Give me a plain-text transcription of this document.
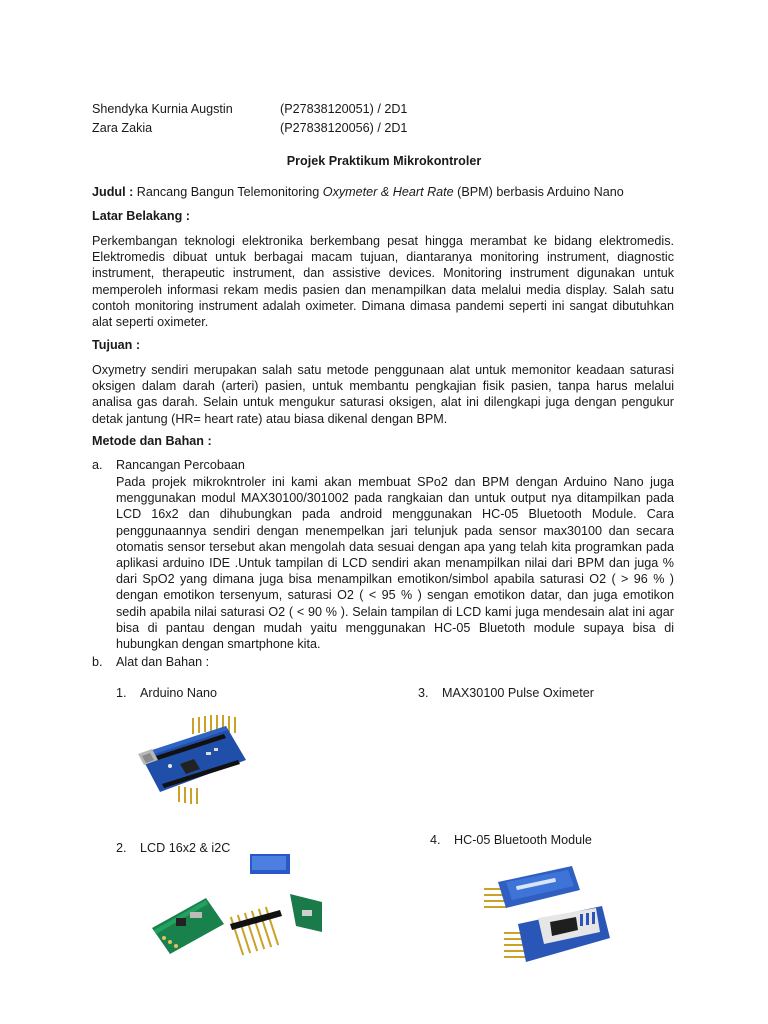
Shendyka Kurnia Augstin	(P27838120051) / 2D1
Zara Zakia	(P27838120056) / 2D1
Projek Praktikum Mikrokontroler
Judul : Rancang Bangun Telemonitoring Oxymeter & Heart Rate (BPM) berbasis Arduino Nano
Latar Belakang :
Perkembangan teknologi elektronika berkembang pesat hingga merambat ke bidang elektromedis. Elektromedis dibuat untuk berbagai macam tujuan, diantaranya monitoring instrument, diagnostic instrument, therapeutic instrument, dan assistive devices. Monitoring instrument digunakan untuk memperoleh informasi rekam medis pasien dan menampilkan data melalui media display. Salah satu contoh monitoring instrument adalah oximeter. Dimana dimasa pandemi seperti ini sangat dibutuhkan alat seperti oximeter.
Tujuan :
Oxymetry sendiri merupakan salah satu metode penggunaan alat untuk memonitor keadaan saturasi oksigen dalam darah (arteri) pasien, untuk membantu pengkajian fisik pasien, tanpa harus melalui analisa gas darah. Selain untuk mengukur saturasi oksigen, alat ini dilengkapi juga dengan pengukur detak jantung (HR= heart rate) atau biasa dikenal dengan BPM.
Metode dan Bahan :
a. Rancangan Percobaan
Pada projek mikrokntroler ini kami akan membuat SPo2 dan BPM dengan Arduino Nano juga menggunakan modul MAX30100/301002 pada rangkaian dan untuk output nya ditampilkan pada LCD 16x2 dan dihubungkan pada android menggunakan HC-05 Bluetooth Module. Cara penggunaannya sendiri dengan menempelkan jari telunjuk pada sensor max30100 dan secara otomatis sensor tersebut akan mengolah data sesuai dengan apa yang telah kita programkan pada aplikasi arduino IDE .Untuk tampilan di LCD sendiri akan menampilkan nilai dari BPM dan juga % dari SpO2 yang dimana juga bisa menampilkan emotikon/simbol apabila saturasi O2 ( > 96 % ) dengan emotikon tersenyum, saturasi O2 ( < 95 % ) sengan emotikon datar, dan juga emotikon sedih apabila nilai saturasi O2 ( < 90 % ). Selain tampilan di LCD kami juga mendesain alat ini agar bisa di pantau dengan mudah yaitu menggunakan HC-05 Bluetoth module supaya bisa di hubungkan dengan smartphone kita.
b. Alat dan Bahan :
1. Arduino Nano	3. MAX30100 Pulse Oximeter
2. LCD 16x2 & i2C
4. HC-05 Bluetooth Module
